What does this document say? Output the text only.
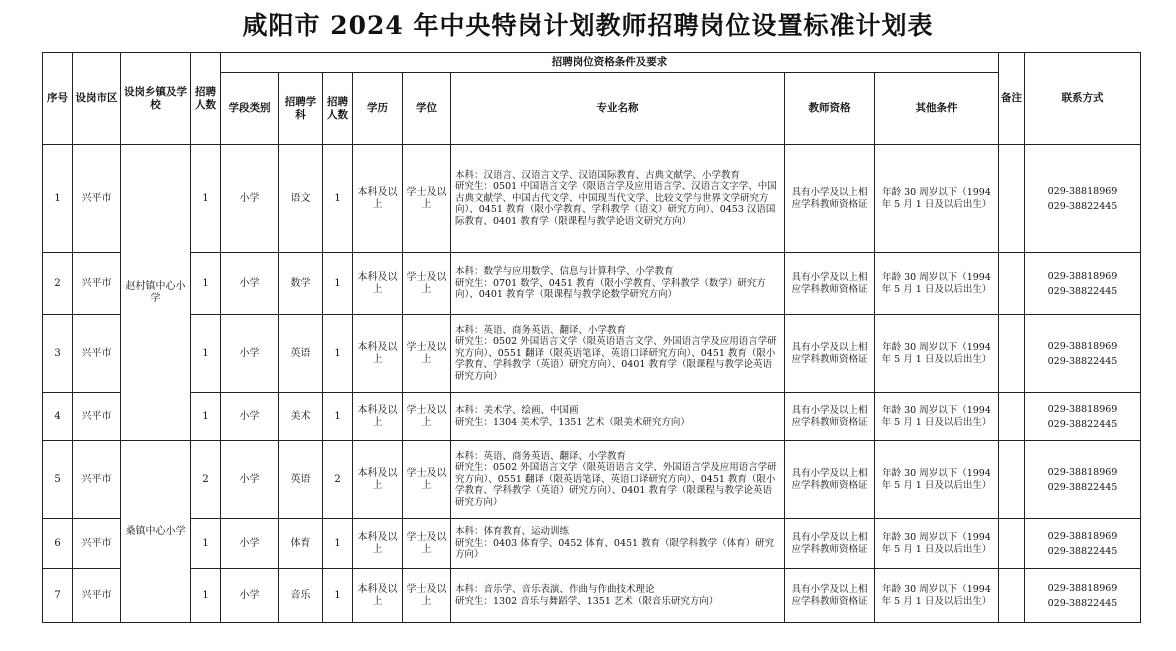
咸阳市 2024 年中央特岗计划教师招聘岗位设置标准计划表
序号	设岗市区	设岗乡镇及学校	招聘人数	招聘岗位资格条件及要求								备注	联系方式
				学段类别	招聘学科	招聘人数	学历	学位	专业名称	教师资格	其他条件		
1	兴平市	赵村镇中心小学	1	小学	语文	1	本科及以上	学士及以上	本科：汉语言、汉语言文学、汉语国际教育、古典文献学、小学教育
研究生：0501 中国语言文学（限语言学及应用语言学、汉语言文字学、中国古典文献学、中国古代文学、中国现当代文学、比较文学与世界文学研究方向）、0451 教育（限小学教育、学科教学（语文）研究方向）、0453 汉语国际教育、0401 教育学（限课程与教学论语文研究方向）	具有小学及以上相应学科教师资格证	年龄 30 周岁以下（1994 年 5 月 1 日及以后出生）		029-38818969
029-38822445

2	兴平市		1	小学	数学	1	本科及以上	学士及以上	本科：数学与应用数学、信息与计算科学、小学教育
研究生：0701 数学、0451 教育（限小学教育、学科教学（数学）研究方向）、0401 教育学（限课程与教学论数学研究方向）	具有小学及以上相应学科教师资格证	年龄 30 周岁以下（1994 年 5 月 1 日及以后出生）		029-38818969
029-38822445

3	兴平市		1	小学	英语	1	本科及以上	学士及以上	本科：英语、商务英语、翻译、小学教育
研究生：0502 外国语言文学（限英语语言文学、外国语言学及应用语言学研究方向）、0551 翻译（限英语笔译、英语口译研究方向）、0451 教育（限小学教育、学科教学（英语）研究方向）、0401 教育学（限课程与教学论英语研究方向）	具有小学及以上相应学科教师资格证	年龄 30 周岁以下（1994 年 5 月 1 日及以后出生）		029-38818969
029-38822445

4	兴平市		1	小学	美术	1	本科及以上	学士及以上	本科：美术学、绘画、中国画
研究生：1304 美术学、1351 艺术（限美术研究方向）	具有小学及以上相应学科教师资格证	年龄 30 周岁以下（1994 年 5 月 1 日及以后出生）		029-38818969
029-38822445

5	兴平市	桑镇中心小学	2	小学	英语	2	本科及以上	学士及以上	本科：英语、商务英语、翻译、小学教育
研究生：0502 外国语言文学（限英语语言文学、外国语言学及应用语言学研究方向）、0551 翻译（限英语笔译、英语口译研究方向）、0451 教育（限小学教育、学科教学（英语）研究方向）、0401 教育学（限课程与教学论英语研究方向）	具有小学及以上相应学科教师资格证	年龄 30 周岁以下（1994 年 5 月 1 日及以后出生）		029-38818969
029-38822445

6	兴平市		1	小学	体育	1	本科及以上	学士及以上	本科：体育教育、运动训练
研究生：0403 体育学、0452 体育、0451 教育（限学科教学（体育）研究方向）	具有小学及以上相应学科教师资格证	年龄 30 周岁以下（1994 年 5 月 1 日及以后出生）		029-38818969
029-38822445

7	兴平市		1	小学	音乐	1	本科及以上	学士及以上	本科：音乐学、音乐表演、作曲与作曲技术理论
研究生：1302 音乐与舞蹈学、1351 艺术（限音乐研究方向）	具有小学及以上相应学科教师资格证	年龄 30 周岁以下（1994 年 5 月 1 日及以后出生）		029-38818969
029-38822445
